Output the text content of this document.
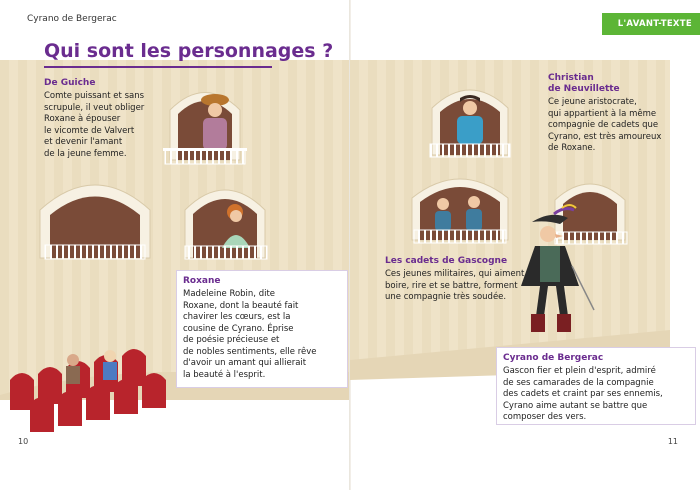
Cyrano de Bergerac
Qui sont les personnages ?

De Guiche

Comte puissant et sans
scrupule, il veut obliger
Roxane à épouser
le vicomte de Valvert
et devenir l'amant
de la jeune femme.

Roxane

Madeleine Robin, dite
Roxane, dont la beauté fait
chavirer les cœurs, est la
cousine de Cyrano. Éprise
de poésie précieuse et
de nobles sentiments, elle rêve
d'avoir un amant qui allierait
la beauté à l'esprit.

10
L'AVANT-TEXTE

Christian
de Neuvillette

Ce jeune aristocrate,
qui appartient à la même
compagnie de cadets que
Cyrano, est très amoureux
de Roxane.

Les cadets de Gascogne

Ces jeunes militaires, qui aiment
boire, rire et se battre, forment
une compagnie très soudée.

Cyrano de Bergerac

Gascon fier et plein d'esprit, admiré
de ses camarades de la compagnie
des cadets et craint par ses ennemis,
Cyrano aime autant se battre que
composer des vers.

11
